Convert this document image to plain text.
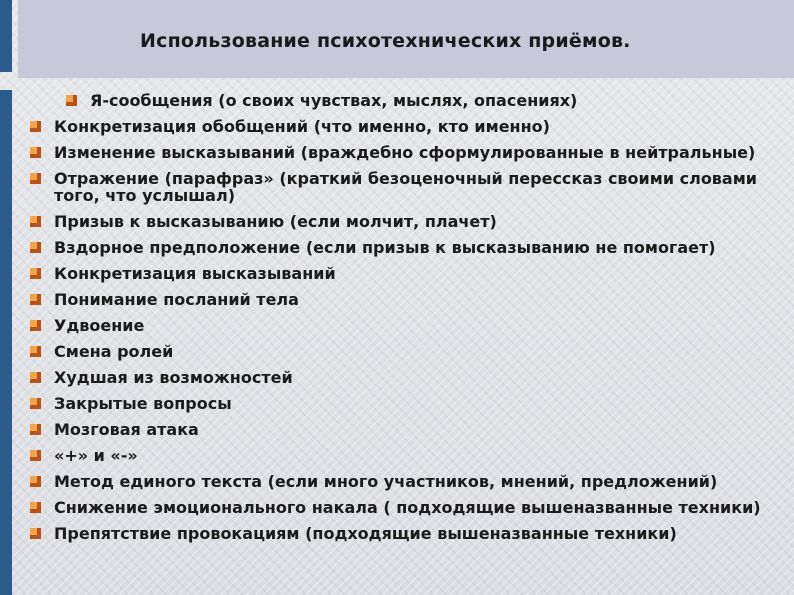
Использование психотехнических приёмов.
Я-сообщения (о своих чувствах, мыслях, опасениях)
Конкретизация обобщений (что именно, кто именно)
Изменение высказываний (враждебно сформулированные в нейтральные)
Отражение (парафраз» (краткий безоценочный перессказ своими словами того, что услышал)
Призыв к высказыванию (если молчит, плачет)
Вздорное предположение (если призыв к высказыванию не помогает)
Конкретизация высказываний
Понимание посланий тела
Удвоение
Смена ролей
Худшая из возможностей
Закрытые вопросы
Мозговая атака
«+» и «-»
Метод единого текста (если много участников, мнений, предложений)
Снижение эмоционального накала ( подходящие вышеназванные техники)
Препятствие провокациям (подходящие вышеназванные техники)
